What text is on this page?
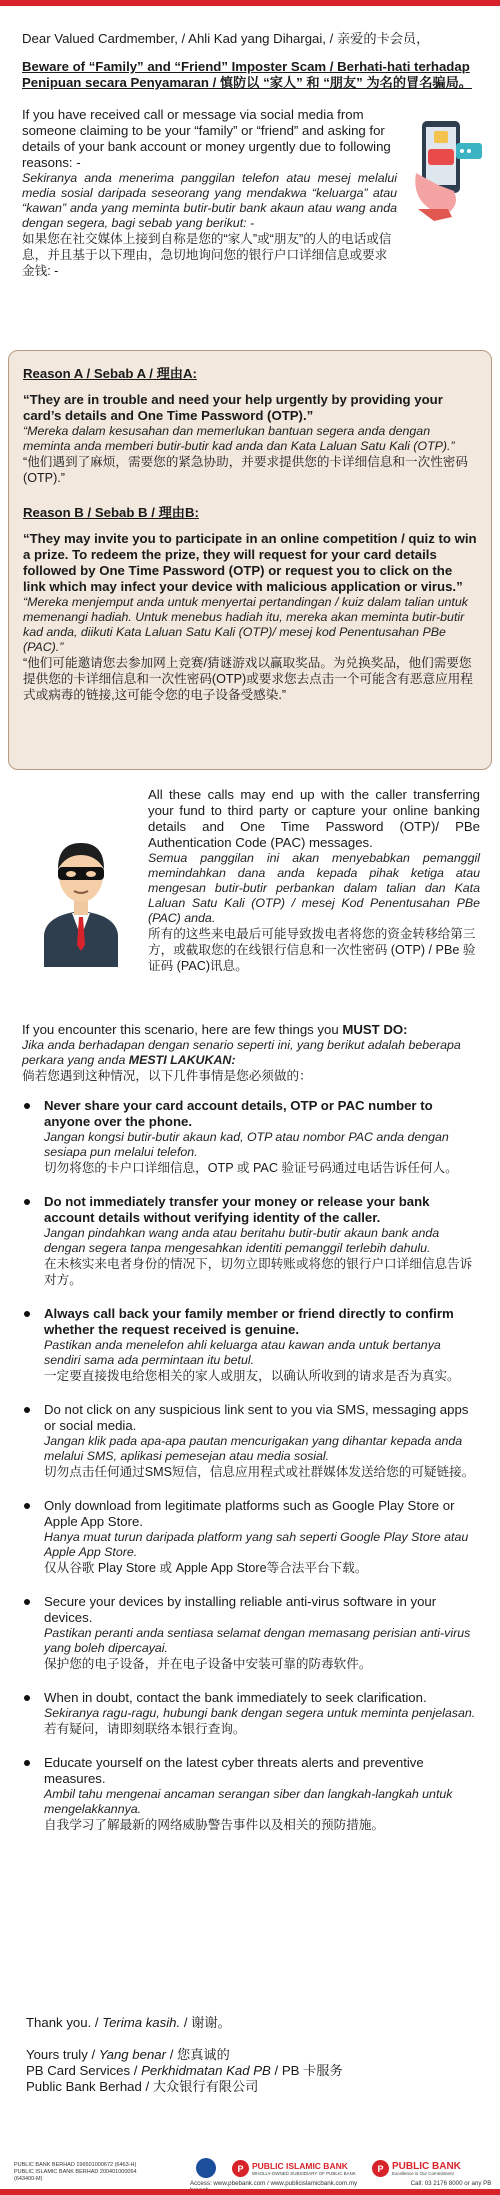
Dear Valued Cardmember, / Ahli Kad yang Dihargai, / 亲爱的卡会员，

Beware of “Family” and “Friend” Imposter Scam / Berhati-hati terhadap Penipuan secara Penyamaran / 慎防以 “家人” 和 “朋友” 为名的冒名骗局。

If you have received call or message via social media from someone claiming to be your “family” or “friend” and asking for details of your bank account or money urgently due to following reasons: -

Sekiranya anda menerima panggilan telefon atau mesej melalui media sosial daripada seseorang yang mendakwa “keluarga” atau “kawan” anda yang meminta butir-butir bank akaun atau wang anda dengan segera, bagi sebab yang berikut: -

如果您在社交媒体上接到自称是您的“家人”或“朋友”的人的电话或信息，并且基于以下理由，急切地询问您的银行户口详细信息或要求金钱: -

Reason A / Sebab A / 理由A:

“They are in trouble and need your help urgently by providing your card’s details and One Time Password (OTP).”

“Mereka dalam kesusahan dan memerlukan bantuan segera anda dengan meminta anda memberi butir-butir kad anda dan Kata Laluan Satu Kali (OTP).”

“他们遇到了麻烦，需要您的紧急协助，并要求提供您的卡详细信息和一次性密码(OTP).”

Reason B / Sebab B / 理由B:

“They may invite you to participate in an online competition / quiz to win a prize. To redeem the prize, they will request for your card details followed by One Time Password (OTP) or request you to click on the link which may infect your device with malicious application or virus.”

“Mereka menjemput anda untuk menyertai pertandingan / kuiz dalam talian untuk memenangi hadiah. Untuk menebus hadiah itu, mereka akan meminta butir-butir kad anda, diikuti Kata Laluan Satu Kali (OTP)/ mesej kod Penentusahan PBe (PAC).”

“他们可能邀请您去参加网上竞赛/猜谜游戏以赢取奖品。为兑换奖品，他们需要您提供您的卡详细信息和一次性密码(OTP)或要求您去点击一个可能含有恶意应用程式或病毒的链接,这可能令您的电子设备受感染.”

All these calls may end up with the caller transferring your fund to third party or capture your online banking details and One Time Password (OTP)/ PBe Authentication Code (PAC) messages.

Semua panggilan ini akan menyebabkan pemanggil memindahkan dana anda kepada pihak ketiga atau mengesan butir-butir perbankan dalam talian dan Kata Laluan Satu Kali (OTP) / mesej Kod Penentusahan PBe (PAC) anda.

所有的这些来电最后可能导致拨电者将您的资金转移给第三方，或截取您的在线银行信息和一次性密码 (OTP) / PBe 验证码 (PAC)讯息。

If you encounter this scenario, here are few things you MUST DO:

Jika anda berhadapan dengan senario seperti ini, yang berikut adalah beberapa perkara yang anda MESTI LAKUKAN:

倘若您遇到这种情况，以下几件事情是您必须做的：

Never share your card account details, OTP or PAC number to anyone over the phone.

Jangan kongsi butir-butir akaun kad, OTP atau nombor PAC anda dengan sesiapa pun melalui telefon.

切勿将您的卡户口详细信息，OTP 或 PAC 验证号码通过电话告诉任何人。

Do not immediately transfer your money or release your bank account details without verifying identity of the caller.

Jangan pindahkan wang anda atau beritahu butir-butir akaun bank anda dengan segera tanpa mengesahkan identiti pemanggil terlebih dahulu.

在未核实来电者身份的情况下，切勿立即转账或将您的银行户口详细信息告诉对方。

Always call back your family member or friend directly to confirm whether the request received is genuine.

Pastikan anda menelefon ahli keluarga atau kawan anda untuk bertanya sendiri sama ada permintaan itu betul.

一定要直接拨电给您相关的家人或朋友，以确认所收到的请求是否为真实。

Do not click on any suspicious link sent to you via SMS, messaging apps or social media.

Jangan klik pada apa-apa pautan mencurigakan yang dihantar kepada anda melalui SMS, aplikasi pemesejan atau media sosial.

切勿点击任何通过SMS短信，信息应用程式或社群媒体发送给您的可疑链接。

Only download from legitimate platforms such as Google Play Store or Apple App Store.

Hanya muat turun daripada platform yang sah seperti Google Play Store atau Apple App Store.

仅从谷歌 Play Store 或 Apple App Store等合法平台下载。

Secure your devices by installing reliable anti-virus software in your devices.

Pastikan peranti anda sentiasa selamat dengan memasang perisian anti-virus yang boleh dipercayai.

保护您的电子设备，并在电子设备中安装可靠的防毒软件。

When in doubt, contact the bank immediately to seek clarification.

Sekiranya ragu-ragu, hubungi bank dengan segera untuk meminta penjelasan.

若有疑问，请即刻联络本银行查询。

Educate yourself on the latest cyber threats alerts and preventive measures.

Ambil tahu mengenai ancaman serangan siber dan langkah-langkah untuk mengelakkannya.

自我学习了解最新的网络威胁警告事件以及相关的预防措施。

Thank you. / Terima kasih. / 谢谢。

Yours truly / Yang benar / 您真诚的

PB Card Services / Perkhidmatan Kad PB / PB 卡服务

Public Bank Berhad / 大众银行有限公司

PUBLIC BANK BERHAD 196501000672 (6463-H)
PUBLIC ISLAMIC BANK BERHAD 200401000064 (643400-M)
P	PUBLIC ISLAMIC BANK
WHOLLY-OWNED SUBSIDIARY OF PUBLIC BANK	P PUBLIC BANK
Excellence is Our Commitment
Access: www.pbebank.com / www.publicislamicbank.com.my	Call: 03 2176 8000 or any PB
